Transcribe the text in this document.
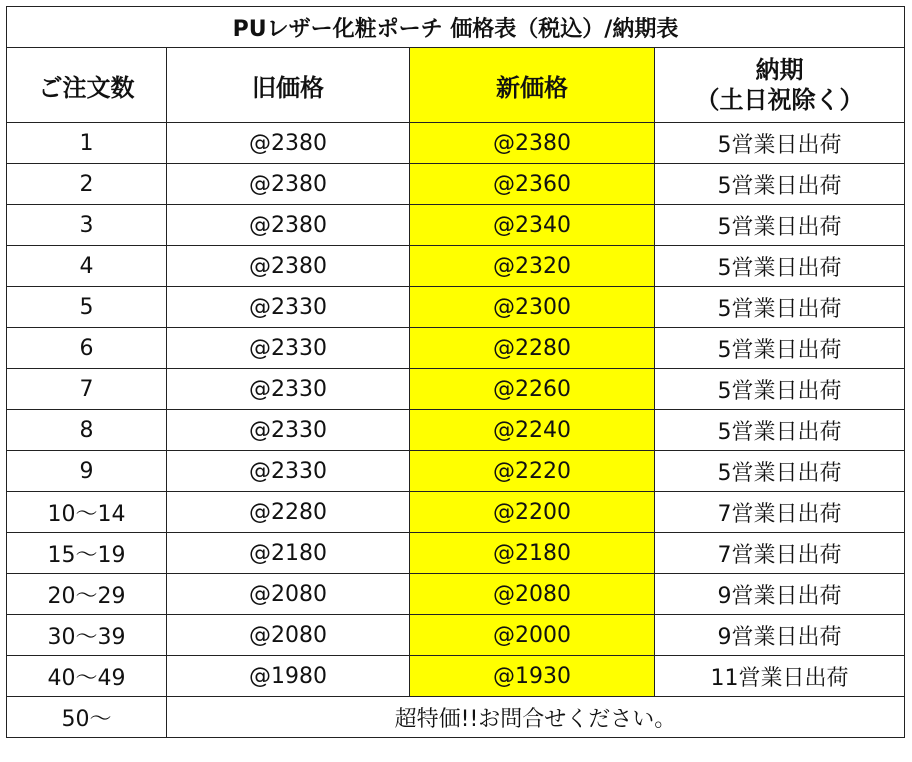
PUレザー化粧ポーチ 価格表（税込）/納期表			
ご注文数	旧価格	新価格	納期
（土日祝除く）

1	@2380	@2380	5営業日出荷
2	@2380	@2360	5営業日出荷
3	@2380	@2340	5営業日出荷
4	@2380	@2320	5営業日出荷
5	@2330	@2300	5営業日出荷
6	@2330	@2280	5営業日出荷
7	@2330	@2260	5営業日出荷
8	@2330	@2240	5営業日出荷
9	@2330	@2220	5営業日出荷
10〜14	@2280	@2200	7営業日出荷
15〜19	@2180	@2180	7営業日出荷
20〜29	@2080	@2080	9営業日出荷
30〜39	@2080	@2000	9営業日出荷
40〜49	@1980	@1930	11営業日出荷
50〜	超特価!!お問合せください。		
